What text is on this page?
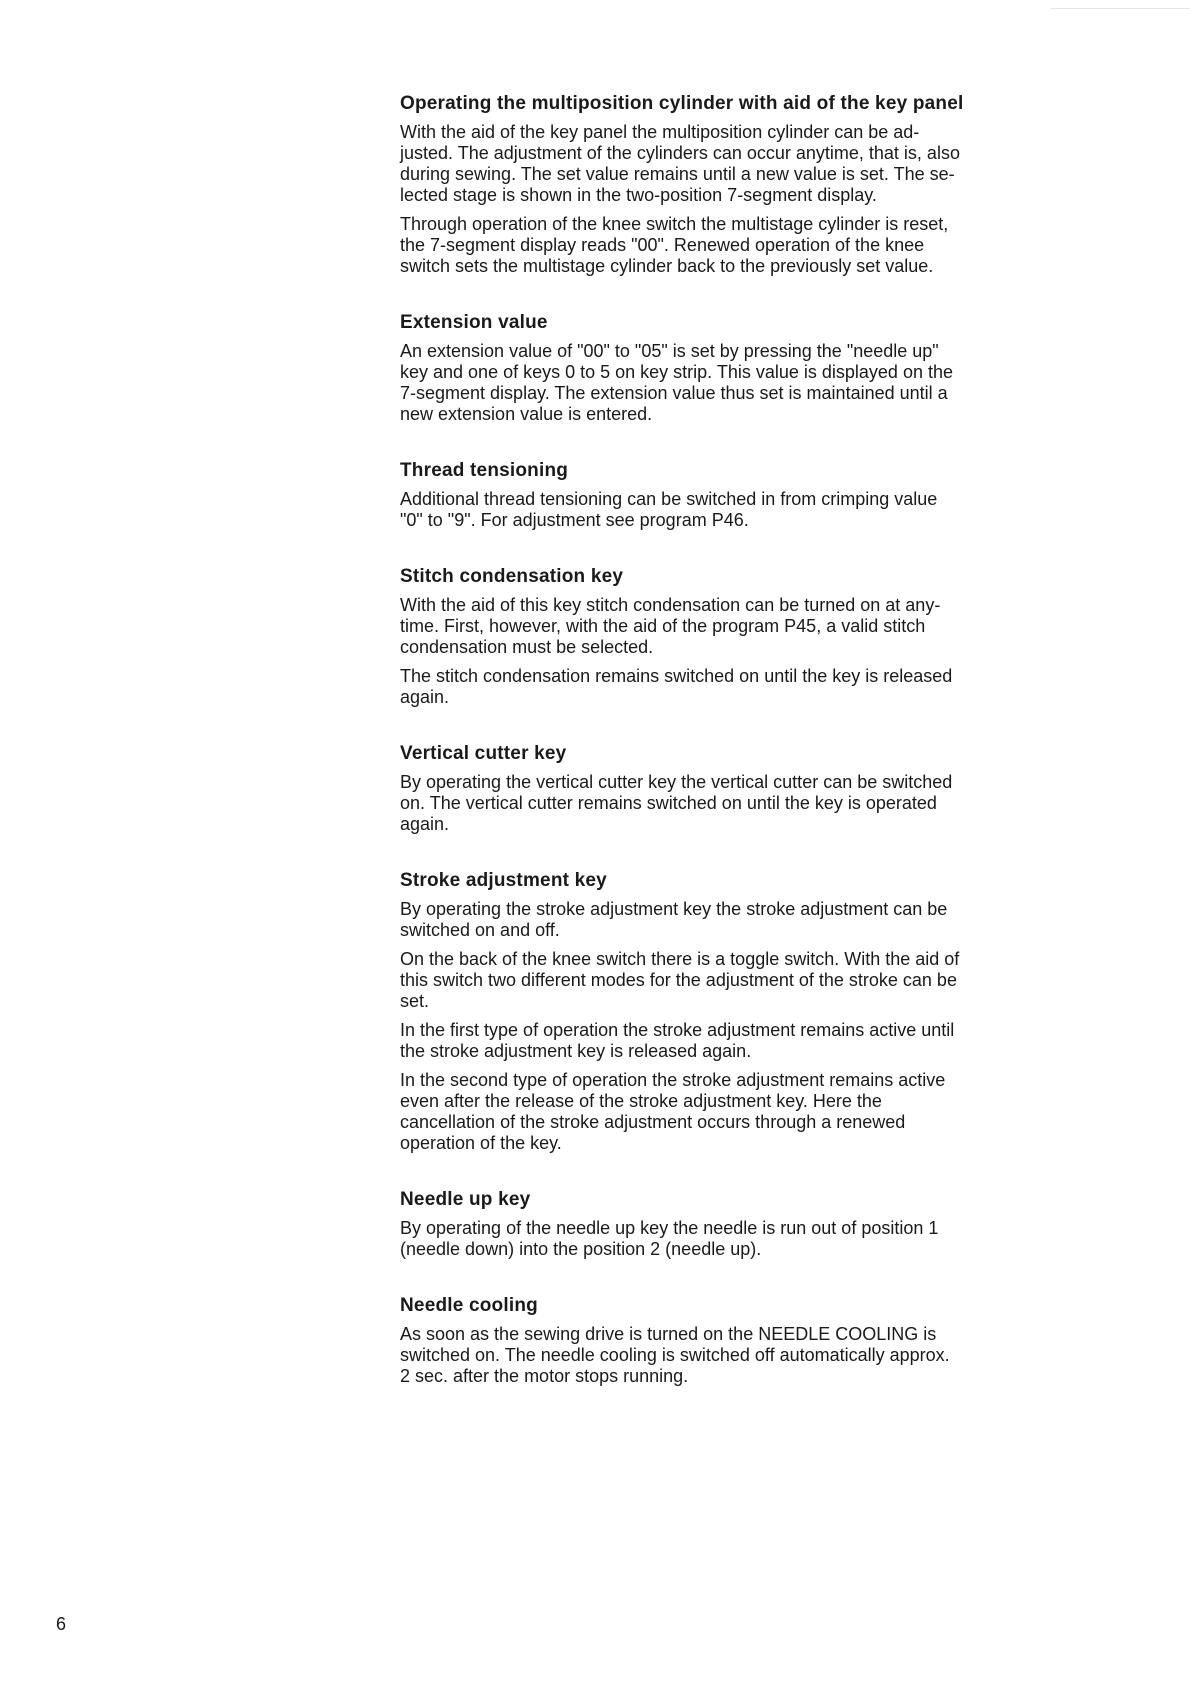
Operating the multiposition cylinder with aid of the key panel
With the aid of the key panel the multiposition cylinder can be ad-
justed. The adjustment of the cylinders can occur anytime, that is, also
during sewing. The set value remains until a new value is set. The se-
lected stage is shown in the two-position 7-segment display.
Through operation of the knee switch the multistage cylinder is reset,
the 7-segment display reads "00". Renewed operation of the knee
switch sets the multistage cylinder back to the previously set value.
Extension value
An extension value of "00" to "05" is set by pressing the "needle up"
key and one of keys 0 to 5 on key strip. This value is displayed on the
7-segment display. The extension value thus set is maintained until a
new extension value is entered.
Thread tensioning
Additional thread tensioning can be switched in from crimping value
"0" to "9". For adjustment see program P46.
Stitch condensation key
With the aid of this key stitch condensation can be turned on at any-
time. First, however, with the aid of the program P45, a valid stitch
condensation must be selected.
The stitch condensation remains switched on until the key is released
again.
Vertical cutter key
By operating the vertical cutter key the vertical cutter can be switched
on. The vertical cutter remains switched on until the key is operated
again.
Stroke adjustment key
By operating the stroke adjustment key the stroke adjustment can be
switched on and off.
On the back of the knee switch there is a toggle switch. With the aid of
this switch two different modes for the adjustment of the stroke can be
set.
In the first type of operation the stroke adjustment remains active until
the stroke adjustment key is released again.
In the second type of operation the stroke adjustment remains active
even after the release of the stroke adjustment key. Here the
cancellation of the stroke adjustment occurs through a renewed
operation of the key.
Needle up key
By operating of the needle up key the needle is run out of position 1
(needle down) into the position 2 (needle up).
Needle cooling
As soon as the sewing drive is turned on the NEEDLE COOLING is
switched on. The needle cooling is switched off automatically approx.
2 sec. after the motor stops running.
6
